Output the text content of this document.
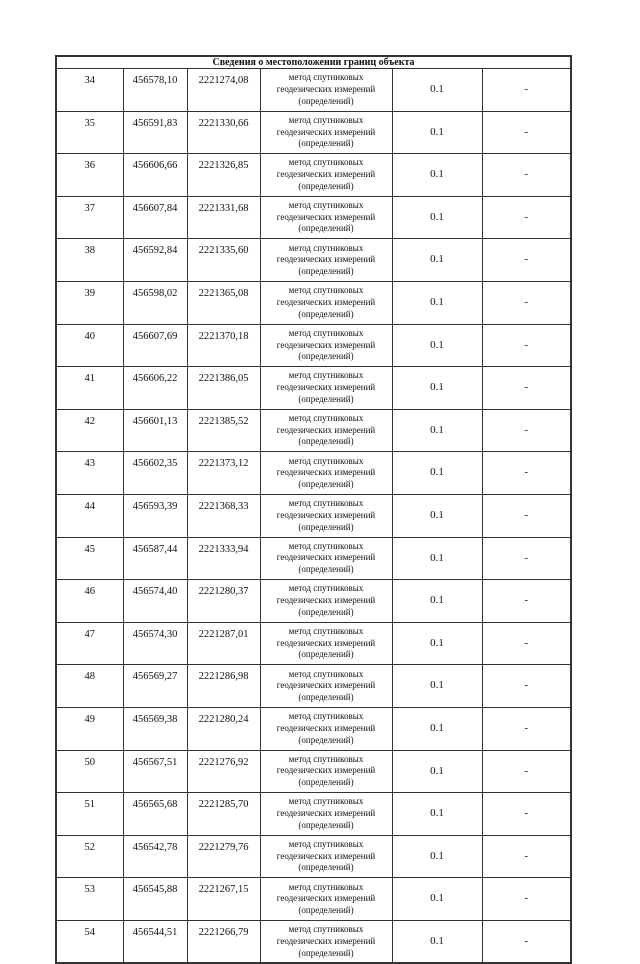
Сведения о местоположении границ объекта					
34	456578,10	2221274,08	метод спутниковых
геодезических измерений
(определений)	0.1	-
35	456591,83	2221330,66	метод спутниковых
геодезических измерений
(определений)	0.1	-
36	456606,66	2221326,85	метод спутниковых
геодезических измерений
(определений)	0.1	-
37	456607,84	2221331,68	метод спутниковых
геодезических измерений
(определений)	0.1	-
38	456592,84	2221335,60	метод спутниковых
геодезических измерений
(определений)	0.1	-
39	456598,02	2221365,08	метод спутниковых
геодезических измерений
(определений)	0.1	-
40	456607,69	2221370,18	метод спутниковых
геодезических измерений
(определений)	0.1	-
41	456606,22	2221386,05	метод спутниковых
геодезических измерений
(определений)	0.1	-
42	456601,13	2221385,52	метод спутниковых
геодезических измерений
(определений)	0.1	-
43	456602,35	2221373,12	метод спутниковых
геодезических измерений
(определений)	0.1	-
44	456593,39	2221368,33	метод спутниковых
геодезических измерений
(определений)	0.1	-
45	456587,44	2221333,94	метод спутниковых
геодезических измерений
(определений)	0.1	-
46	456574,40	2221280,37	метод спутниковых
геодезических измерений
(определений)	0.1	-
47	456574,30	2221287,01	метод спутниковых
геодезических измерений
(определений)	0.1	-
48	456569,27	2221286,98	метод спутниковых
геодезических измерений
(определений)	0.1	-
49	456569,38	2221280,24	метод спутниковых
геодезических измерений
(определений)	0.1	-
50	456567,51	2221276,92	метод спутниковых
геодезических измерений
(определений)	0.1	-
51	456565,68	2221285,70	метод спутниковых
геодезических измерений
(определений)	0.1	-
52	456542,78	2221279,76	метод спутниковых
геодезических измерений
(определений)	0.1	-
53	456545,88	2221267,15	метод спутниковых
геодезических измерений
(определений)	0.1	-
54	456544,51	2221266,79	метод спутниковых
геодезических измерений
(определений)	0.1	-
